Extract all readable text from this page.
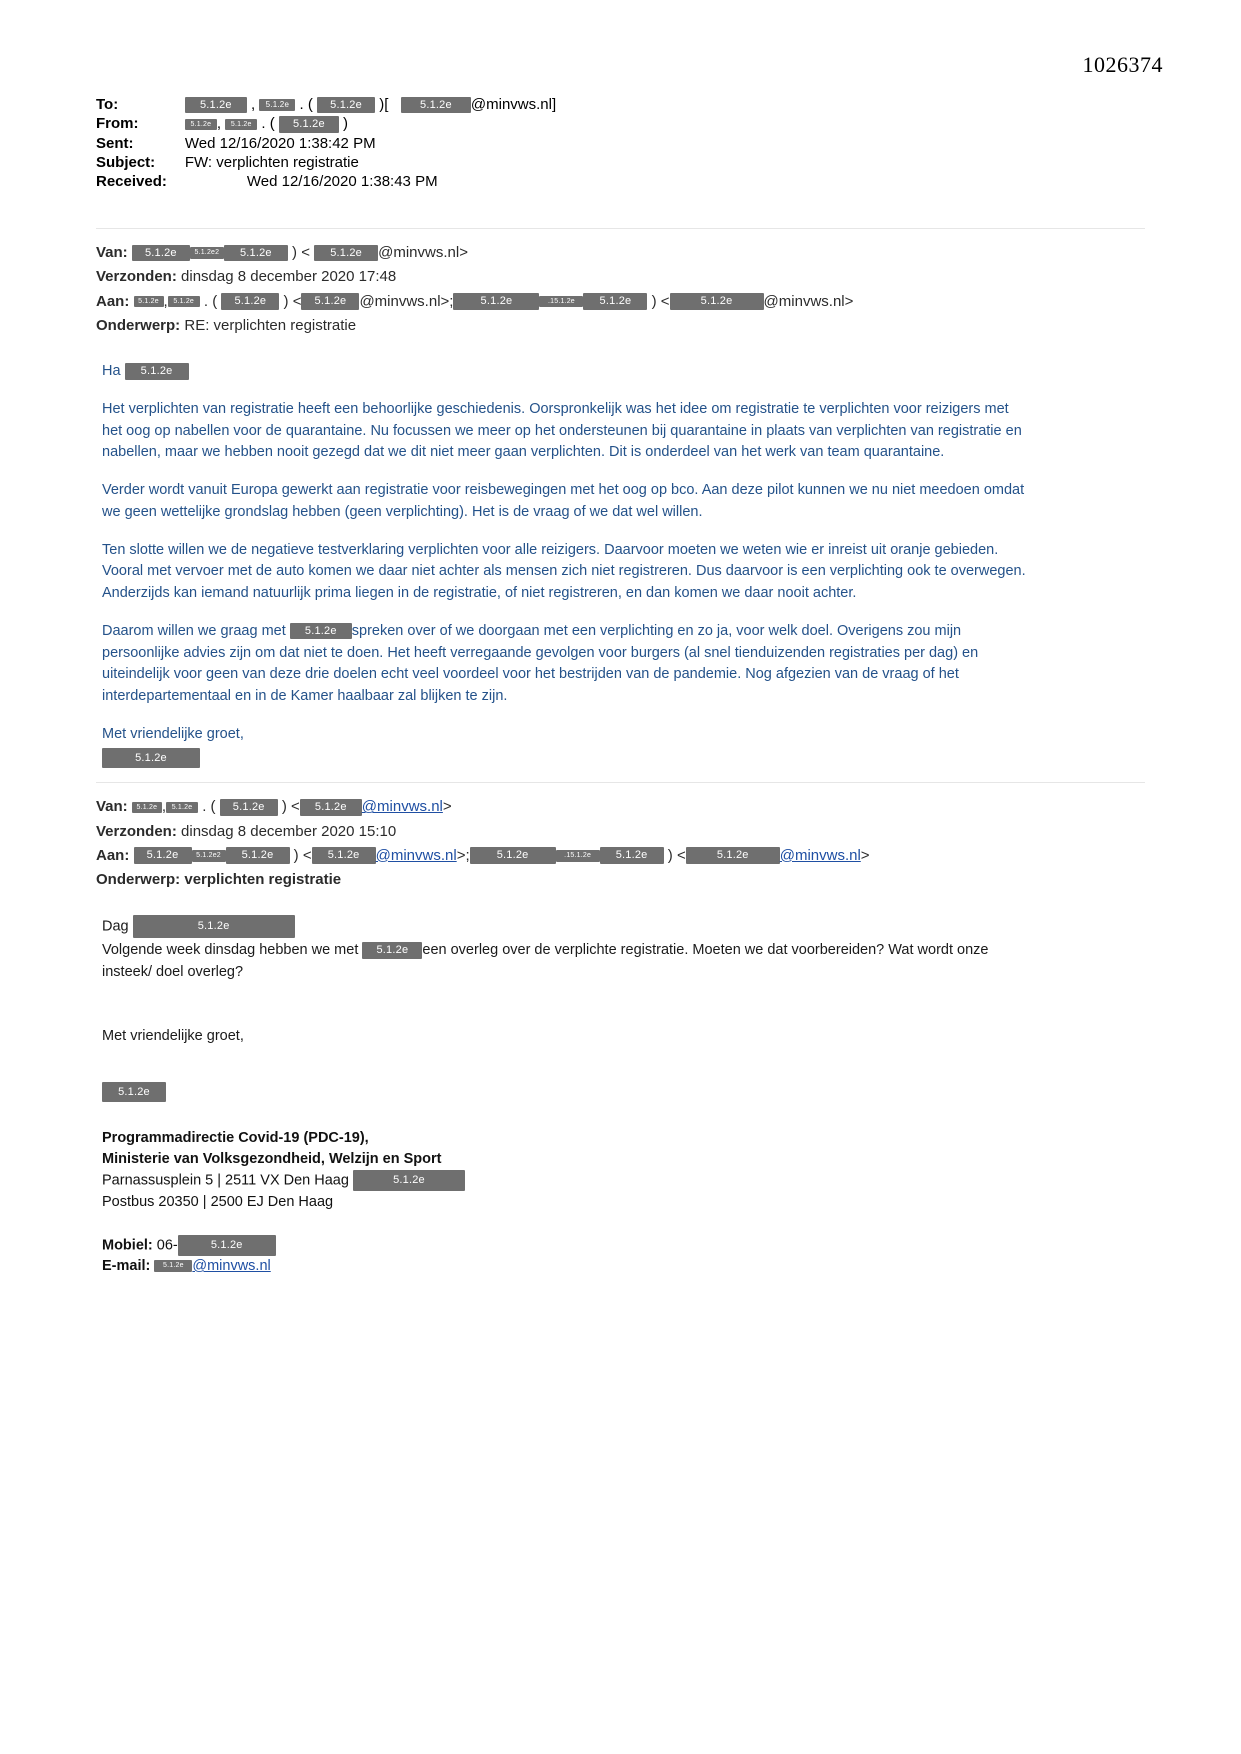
1026374
To:	5.1.2e , 5.1.2e . ( 5.1.2e )[   5.1.2e @minvws.nl]
From:	5.1.2e , 5.1.2e . ( 5.1.2e )
Sent:	Wed 12/16/2020 1:38:42 PM
Subject:	FW: verplichten registratie
Received:	Wed 12/16/2020 1:38:43 PM
Van: 5.1.2e	5.1.2e2 5.1.2e ) < 5.1.2e @minvws.nl>
Verzonden: dinsdag 8 december 2020 17:48
Aan: 5.1.2e , 5.1.2e . ( 5.1.2e ) < 5.1.2e @minvws.nl>; 5.1.2e	.15.1.2e 5.1.2e ) <	5.1.2e @minvws.nl>
Onderwerp: RE: verplichten registratie
Ha 5.1.2e
Het verplichten van registratie heeft een behoorlijke geschiedenis. Oorspronkelijk was het idee om registratie te verplichten voor reizigers met het oog op nabellen voor de quarantaine. Nu focussen we meer op het ondersteunen bij quarantaine in plaats van verplichten van registratie en nabellen, maar we hebben nooit gezegd dat we dit niet meer gaan verplichten. Dit is onderdeel van het werk van team quarantaine.
Verder wordt vanuit Europa gewerkt aan registratie voor reisbewegingen met het oog op bco. Aan deze pilot kunnen we nu niet meedoen omdat we geen wettelijke grondslag hebben (geen verplichting). Het is de vraag of we dat wel willen.
Ten slotte willen we de negatieve testverklaring verplichten voor alle reizigers. Daarvoor moeten we weten wie er inreist uit oranje gebieden. Vooral met vervoer met de auto komen we daar niet achter als mensen zich niet registreren. Dus daarvoor is een verplichting ook te overwegen. Anderzijds kan iemand natuurlijk prima liegen in de registratie, of niet registreren, en dan komen we daar nooit achter.
Daarom willen we graag met 5.1.2e spreken over of we doorgaan met een verplichting en zo ja, voor welk doel. Overigens zou mijn persoonlijke advies zijn om dat niet te doen. Het heeft verregaande gevolgen voor burgers (al snel tienduizenden registraties per dag) en uiteindelijk voor geen van deze drie doelen echt veel voordeel voor het bestrijden van de pandemie. Nog afgezien van de vraag of het interdepartementaal en in de Kamer haalbaar zal blijken te zijn.
Met vriendelijke groet,
5.1.2e
Van: 5.1.2e , 5.1.2e . ( 5.1.2e ) < 5.1.2e @minvws.nl>
Verzonden: dinsdag 8 december 2020 15:10
Aan: 5.1.2e	5.1.2e2 5.1.2e ) < 5.1.2e @minvws.nl>; 5.1.2e	.15.1.2e 5.1.2e ) <	5.1.2e @minvws.nl>
Onderwerp: verplichten registratie
Dag	5.1.2e
Volgende week dinsdag hebben we met 5.1.2e een overleg over de verplichte registratie. Moeten we dat voorbereiden? Wat wordt onze insteek/ doel overleg?
Met vriendelijke groet,
5.1.2e
Programmadirectie Covid-19 (PDC-19),
Ministerie van Volksgezondheid, Welzijn en Sport
Parnassusplein 5 | 2511 VX Den Haag	5.1.2e
Postbus 20350 | 2500 EJ Den Haag
Mobiel: 06-	5.1.2e
E-mail: 5.1.2e @minvws.nl
